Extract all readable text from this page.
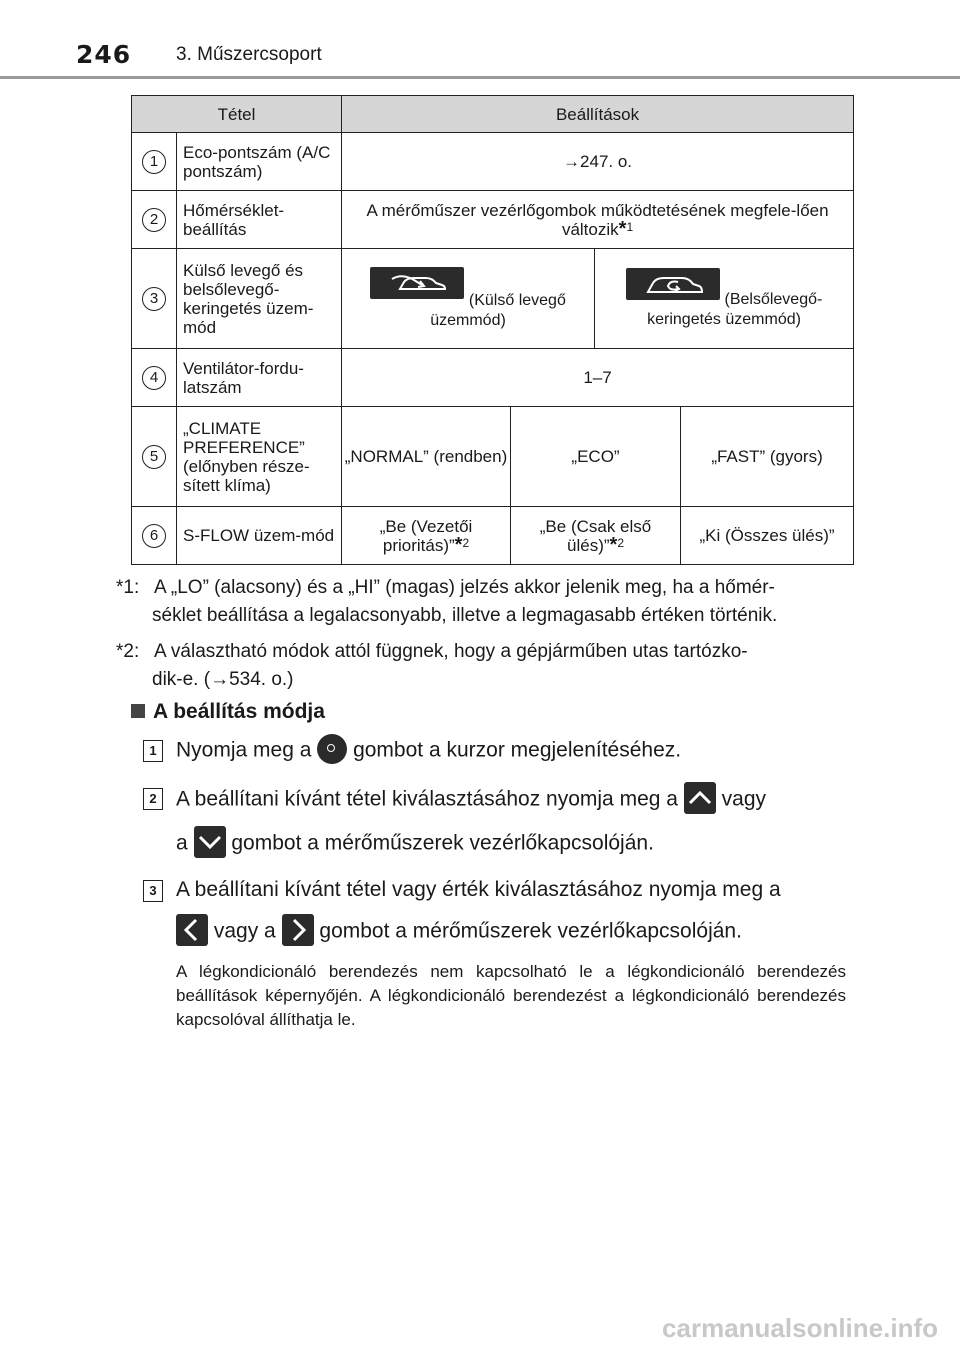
246 3. Műszercsoport
Tétel		Beállítások			
1	Eco-pontszám (A/C pontszám)	→247. o.			
2	Hőmérséklet-beállítás	A mérőműszer vezérlőgombok működtetésének megfele-lően változik*$^1$
3	Külső levegő és belsőlevegő-keringetés üzem-mód	(Külső levegő üzemmód)		(Belsőlevegő-keringetés üzemmód)	
4	Ventilátor-fordu-latszám	1–7			
5	„CLIMATE PREFERENCE” (előnyben része-sített klíma)	„NORMAL” (rendben)	„ECO”		„FAST” (gyors)
6	S-FLOW üzem-mód	„Be (Vezetői prioritás)”*$^2$	„Be (Csak első ülés)”*$^2$		„Ki (Összes ülés)”
*1: A „LO” (alacsony) és a „HI” (magas) jelzés akkor jelenik meg, ha a hőmér-
séklet beállítása a legalacsonyabb, illetve a legmagasabb értéken történik.
*2: A választható módok attól függnek, hogy a gépjárműben utas tartózko-
dik-e. (→534. o.)
A beállítás módja
1 Nyomja meg a gombot a kurzor megjelenítéséhez.
2 A beállítani kívánt tétel kiválasztásához nyomja meg a vagy
a gombot a mérőműszerek vezérlőkapcsolóján.
3 A beállítani kívánt tétel vagy érték kiválasztásához nyomja meg a
vagy a gombot a mérőműszerek vezérlőkapcsolóján.
A légkondicionáló berendezés nem kapcsolható le a légkondicionáló berendezés beállítások képernyőjén. A légkondicionáló berendezést a légkondicionáló berendezés kapcsolóval állíthatja le.
carmanualsonline.info
